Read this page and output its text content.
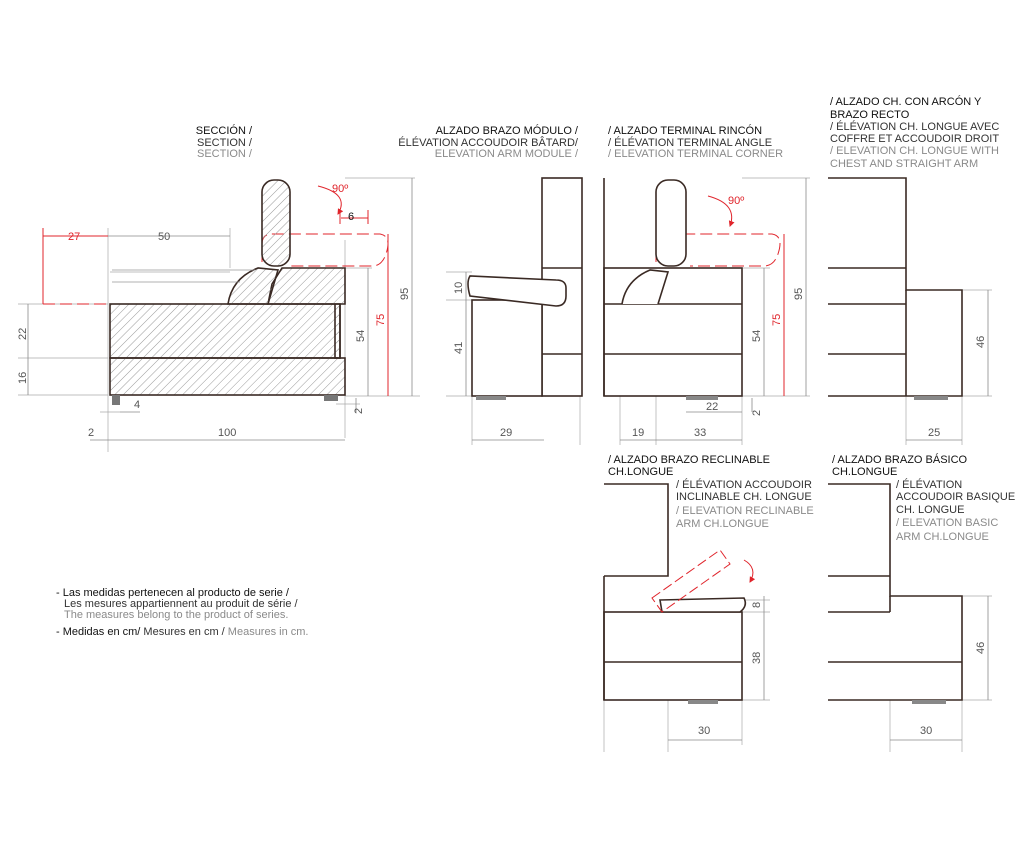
27	50
6
90º
22
16
54
75
95
4
2
2
100
10
41
29
90º
54
75
95
22	2
19	33
46
25
8
38
30
46
30
SECCIÓN /
SECTION /
SECTION /
ALZADO BRAZO MÓDULO /
ÉLÉVATION ACCOUDOIR BÂTARD/
ELEVATION ARM MODULE /
/ ALZADO TERMINAL RINCÓN
/ ÉLÉVATION TERMINAL ANGLE
/ ELEVATION TERMINAL CORNER
/ ALZADO CH. CON ARCÓN Y
BRAZO RECTO
/ ÉLÉVATION CH. LONGUE AVEC
COFFRE ET ACCOUDOIR DROIT
/ ELEVATION CH. LONGUE WITH
CHEST AND STRAIGHT ARM
/ ALZADO BRAZO RECLINABLE
CH.LONGUE
/ ÉLÉVATION ACCOUDOIR
INCLINABLE CH. LONGUE
/ ELEVATION RECLINABLE
ARM CH.LONGUE
/ ALZADO BRAZO BÁSICO
CH.LONGUE
/ ÉLÉVATION
ACCOUDOIR BASIQUE
CH. LONGUE
/ ELEVATION BASIC
ARM CH.LONGUE
- Las medidas pertenecen al producto de serie /
Les mesures appartiennent au produit de série /
The measures belong to the product of series.
- Medidas en cm/ Mesures en cm / Measures in cm.
